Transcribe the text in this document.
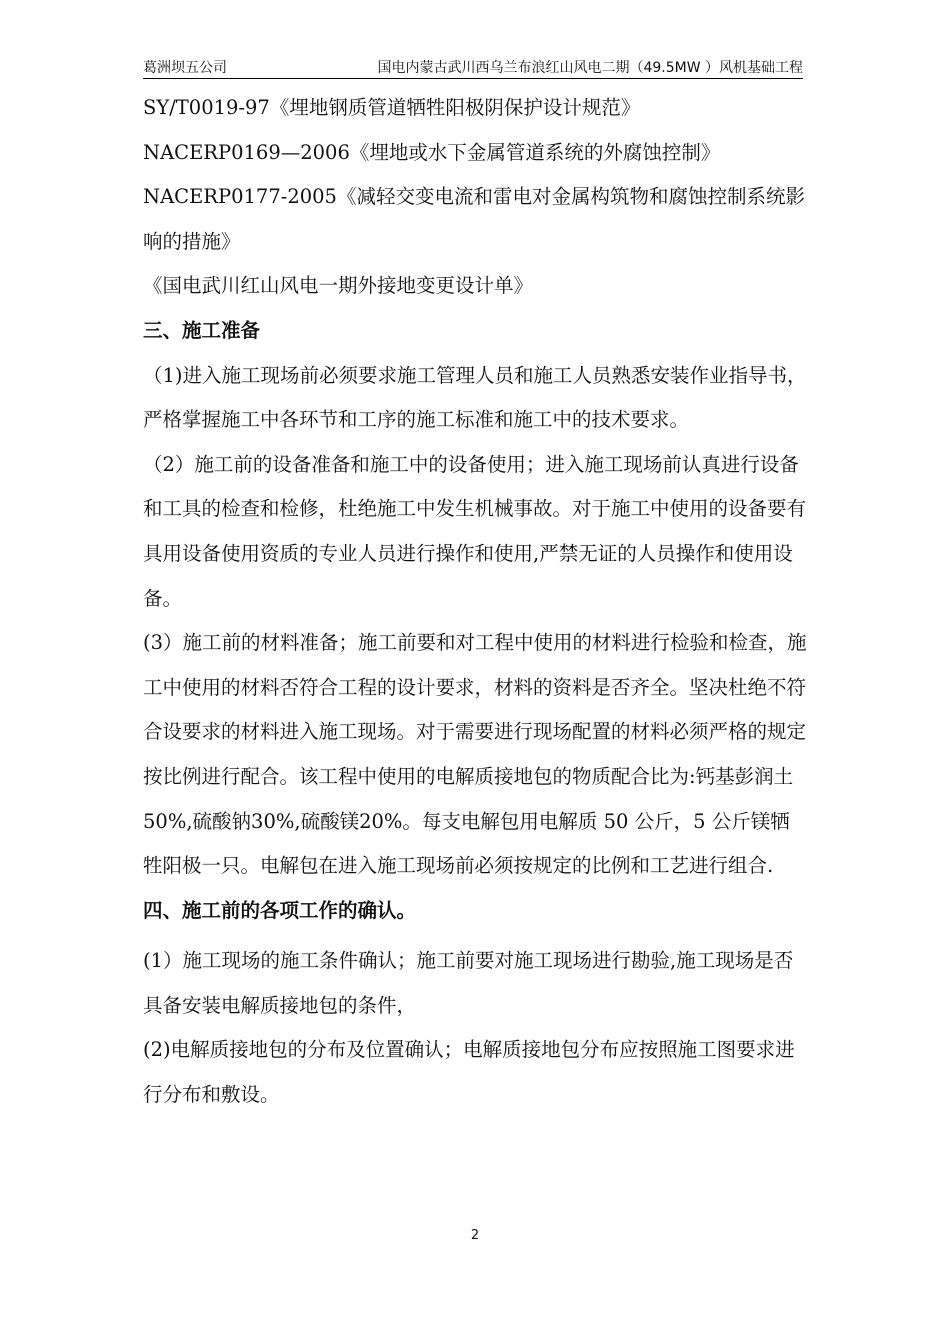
葛洲坝五公司	国电内蒙古武川西乌兰布浪红山风电二期（49.5MW ）风机基础工程

SY/T0019-97《埋地钢质管道牺牲阳极阴保护设计规范》

NACERP0169—2006《埋地或水下金属管道系统的外腐蚀控制》

NACERP0177-2005《减轻交变电流和雷电对金属构筑物和腐蚀控制系统影响的措施》

《国电武川红山风电一期外接地变更设计单》

三、施工准备

（1)进入施工现场前必须要求施工管理人员和施工人员熟悉安装作业指导书，严格掌握施工中各环节和工序的施工标准和施工中的技术要求。

（2）施工前的设备准备和施工中的设备使用；进入施工现场前认真进行设备和工具的检查和检修，杜绝施工中发生机械事故。对于施工中使用的设备要有具用设备使用资质的专业人员进行操作和使用,严禁无证的人员操作和使用设备。

(3）施工前的材料准备；施工前要和对工程中使用的材料进行检验和检查，施工中使用的材料否符合工程的设计要求，材料的资料是否齐全。坚决杜绝不符合设要求的材料进入施工现场。对于需要进行现场配置的材料必须严格的规定按比例进行配合。该工程中使用的电解质接地包的物质配合比为:钙基彭润土50%,硫酸钠30%,硫酸镁20%。每支电解包用电解质 50 公斤，5 公斤镁牺牲阳极一只。电解包在进入施工现场前必须按规定的比例和工艺进行组合.

四、施工前的各项工作的确认。

(1）施工现场的施工条件确认；施工前要对施工现场进行勘验,施工现场是否具备安装电解质接地包的条件，

(2)电解质接地包的分布及位置确认；电解质接地包分布应按照施工图要求进行分布和敷设。

2
